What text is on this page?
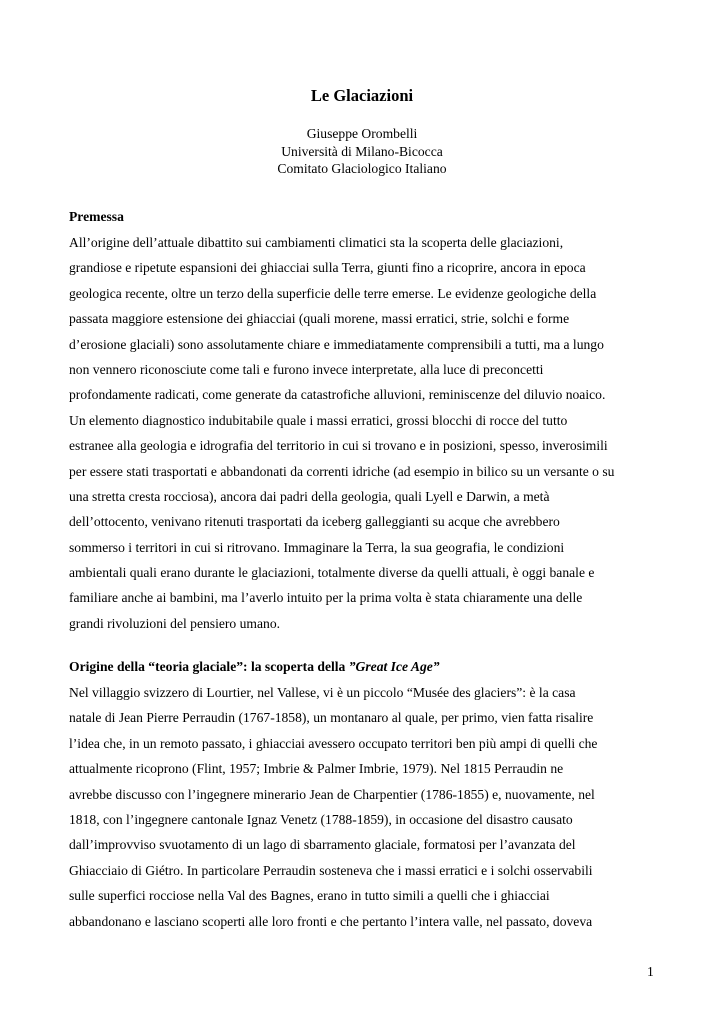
Le Glaciazioni
Giuseppe Orombelli
Università di Milano-Bicocca
Comitato Glaciologico Italiano
Premessa

All’origine dell’attuale dibattito sui cambiamenti climatici sta la scoperta delle glaciazioni,
grandiose e ripetute espansioni dei ghiacciai sulla Terra, giunti fino a ricoprire, ancora in epoca
geologica recente, oltre un terzo della superficie delle terre emerse. Le evidenze geologiche della
passata maggiore estensione dei ghiacciai (quali morene, massi erratici, strie, solchi e forme
d’erosione glaciali) sono assolutamente chiare e immediatamente comprensibili a tutti, ma a lungo
non vennero riconosciute come tali e furono invece interpretate, alla luce di preconcetti
profondamente radicati, come generate da catastrofiche alluvioni, reminiscenze del diluvio noaico.
Un elemento diagnostico indubitabile quale i massi erratici, grossi blocchi di rocce del tutto
estranee alla geologia e idrografia del territorio in cui si trovano e in posizioni, spesso, inverosimili
per essere stati trasportati e abbandonati da correnti idriche (ad esempio in bilico su un versante o su
una stretta cresta rocciosa), ancora dai padri della geologia, quali Lyell e Darwin, a metà
dell’ottocento, venivano ritenuti trasportati da iceberg galleggianti su acque che avrebbero
sommerso i territori in cui si ritrovano. Immaginare la Terra, la sua geografia, le condizioni
ambientali quali erano durante le glaciazioni, totalmente diverse da quelli attuali, è oggi banale e
familiare anche ai bambini, ma l’averlo intuito per la prima volta è stata chiaramente una delle
grandi rivoluzioni del pensiero umano.

Origine della “teoria glaciale”: la scoperta della ”Great Ice Age”

Nel villaggio svizzero di Lourtier, nel Vallese, vi è un piccolo “Musée des glaciers”: è la casa
natale di Jean Pierre Perraudin (1767-1858), un montanaro al quale, per primo, vien fatta risalire
l’idea che, in un remoto passato, i ghiacciai avessero occupato territori ben più ampi di quelli che
attualmente ricoprono (Flint, 1957; Imbrie & Palmer Imbrie, 1979). Nel 1815 Perraudin ne
avrebbe discusso con l’ingegnere minerario Jean de Charpentier (1786-1855) e, nuovamente, nel
1818, con l’ingegnere cantonale Ignaz Venetz (1788-1859), in occasione del disastro causato
dall’improvviso svuotamento di un lago di sbarramento glaciale, formatosi per l’avanzata del
Ghiacciaio di Giétro. In particolare Perraudin sosteneva che i massi erratici e i solchi osservabili
sulle superfici rocciose nella Val des Bagnes, erano in tutto simili a quelli che i ghiacciai
abbandonano e lasciano scoperti alle loro fronti e che pertanto l’intera valle, nel passato, doveva

1
